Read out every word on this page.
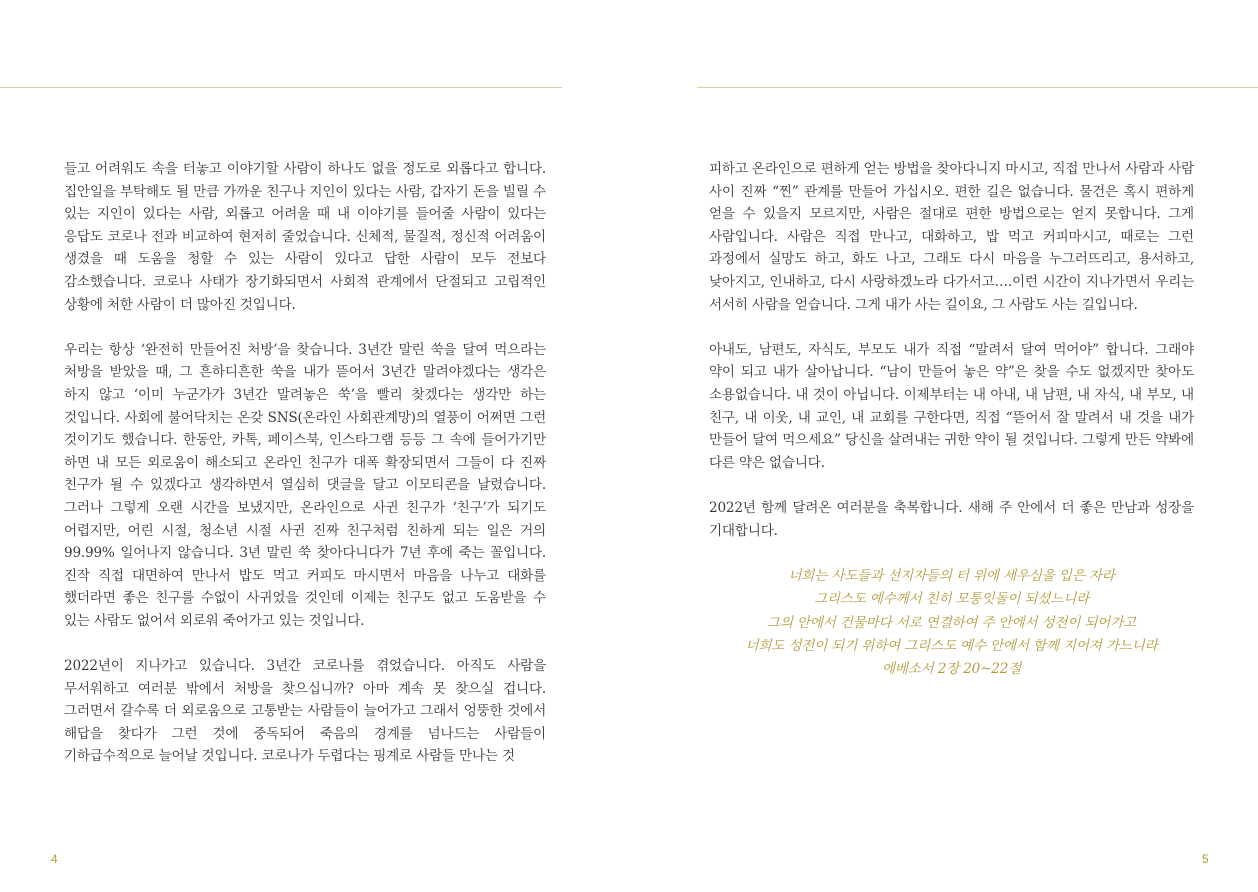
들고 어려워도 속을 터놓고 이야기할 사람이 하나도 없을 정도로 외롭다고 합니다. 집안일을 부탁해도 될 만큼 가까운 친구나 지인이 있다는 사람, 갑자기 돈을 빌릴 수 있는 지인이 있다는 사람, 외롭고 어려울 때 내 이야기를 들어줄 사람이 있다는 응답도 코로나 전과 비교하여 현저히 줄었습니다. 신체적, 물질적, 정신적 어려움이 생겼을 때 도움을 청할 수 있는 사람이 있다고 답한 사람이 모두 전보다 감소했습니다. 코로나 사태가 장기화되면서 사회적 관계에서 단절되고 고립적인 상황에 처한 사람이 더 많아진 것입니다.

우리는 항상 ‘완전히 만들어진 처방’을 찾습니다. 3년간 말린 쑥을 달여 먹으라는 처방을 받았을 때, 그 흔하디흔한 쑥을 내가 뜯어서 3년간 말려야겠다는 생각은 하지 않고 ‘이미 누군가가 3년간 말려놓은 쑥’을 빨리 찾겠다는 생각만 하는 것입니다. 사회에 불어닥치는 온갖 SNS(온라인 사회관계망)의 열풍이 어쩌면 그런 것이기도 했습니다. 한동안, 카톡, 페이스북, 인스타그램 등등 그 속에 들어가기만 하면 내 모든 외로움이 해소되고 온라인 친구가 대폭 확장되면서 그들이 다 진짜 친구가 될 수 있겠다고 생각하면서 열심히 댓글을 달고 이모티콘을 날렸습니다. 그러나 그렇게 오랜 시간을 보냈지만, 온라인으로 사귄 친구가 ‘친구’가 되기도 어렵지만, 어린 시절, 청소년 시절 사귄 진짜 친구처럼 친하게 되는 일은 거의 99.99% 일어나지 않습니다. 3년 말린 쑥 찾아다니다가 7년 후에 죽는 꼴입니다. 진작 직접 대면하여 만나서 밥도 먹고 커피도 마시면서 마음을 나누고 대화를 했더라면 좋은 친구를 수없이 사귀었을 것인데 이제는 친구도 없고 도움받을 수 있는 사람도 없어서 외로워 죽어가고 있는 것입니다.

2022년이 지나가고 있습니다. 3년간 코로나를 겪었습니다. 아직도 사람을 무서워하고 여러분 밖에서 처방을 찾으십니까? 아마 계속 못 찾으실 겁니다. 그러면서 갈수록 더 외로움으로 고통받는 사람들이 늘어가고 그래서 엉뚱한 것에서 해답을 찾다가 그런 것에 중독되어 죽음의 경계를 넘나드는 사람들이 기하급수적으로 늘어날 것입니다. 코로나가 두렵다는 핑계로 사람들 만나는 것

4

피하고 온라인으로 편하게 얻는 방법을 찾아다니지 마시고, 직접 만나서 사람과 사람 사이 진짜 “찐” 관계를 만들어 가십시오. 편한 길은 없습니다. 물건은 혹시 편하게 얻을 수 있을지 모르지만, 사람은 절대로 편한 방법으로는 얻지 못합니다. 그게 사람입니다. 사람은 직접 만나고, 대화하고, 밥 먹고 커피마시고, 때로는 그런 과정에서 실망도 하고, 화도 나고, 그래도 다시 마음을 누그러뜨리고, 용서하고, 낮아지고, 인내하고, 다시 사랑하겠노라 다가서고….이런 시간이 지나가면서 우리는 서서히 사람을 얻습니다. 그게 내가 사는 길이요, 그 사람도 사는 길입니다.

아내도, 남편도, 자식도, 부모도 내가 직접 “말려서 달여 먹어야” 합니다. 그래야 약이 되고 내가 살아납니다. “남이 만들어 놓은 약”은 찾을 수도 없겠지만 찾아도 소용없습니다. 내 것이 아닙니다. 이제부터는 내 아내, 내 남편, 내 자식, 내 부모, 내 친구, 내 이웃, 내 교인, 내 교회를 구한다면, 직접 “뜯어서 잘 말려서 내 것을 내가 만들어 달여 먹으세요” 당신을 살려내는 귀한 약이 될 것입니다. 그렇게 만든 약봐에 다른 약은 없습니다.

2022년 함께 달려온 여러분을 축복합니다. 새해 주 안에서 더 좋은 만남과 성장을 기대합니다.

너희는 사도들과 선지자들의 터 위에 세우심을 입은 자라
그리스도 예수께서 친히 모퉁잇돌이 되셨느니라
그의 안에서 건물마다 서로 연결하여 주 안에서 성전이 되어가고
너희도 성전이 되기 위하여 그리스도 예수 안에서 함께 지어져 가느니라
에베소서 2장 20~22절
5
